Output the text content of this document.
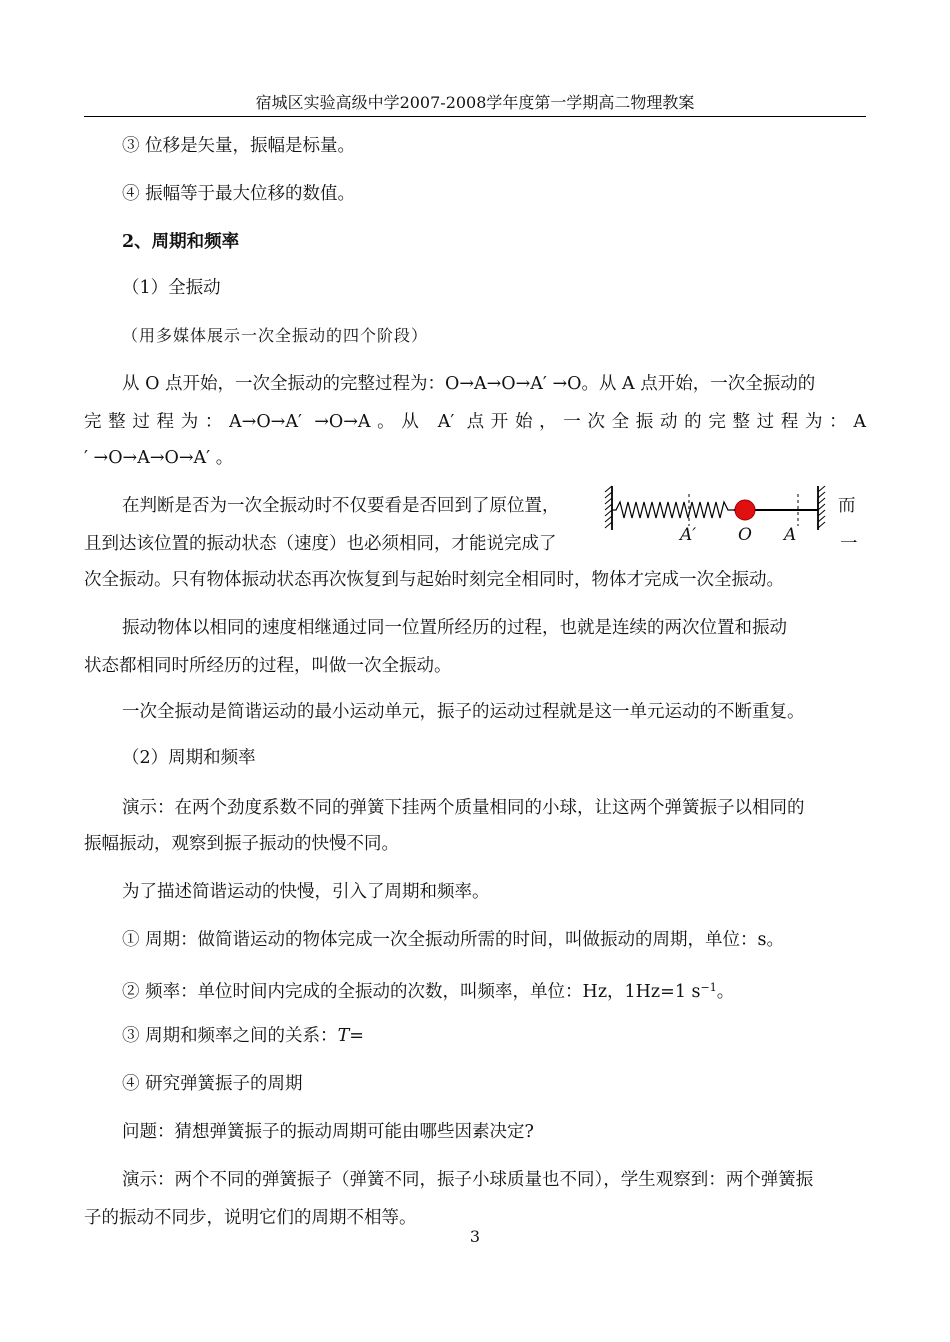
宿城区实验高级中学2007-2008学年度第一学期高二物理教案
③ 位移是矢量，振幅是标量。
④ 振幅等于最大位移的数值。
2、周期和频率
（1）全振动
（用多媒体展示一次全振动的四个阶段）
从 O 点开始，一次全振动的完整过程为：O→A→O→A′ →O。从 A 点开始，一次全振动的
完整过程为：A→O→A′ →O→A。从 A′ 点开始，一次全振动的完整过程为：A
′ →O→A→O→A′ 。
在判断是否为一次全振动时不仅要看是否回到了原位置，	而
且到达该位置的振动状态（速度）也必须相同，才能说完成了	一
次全振动。只有物体振动状态再次恢复到与起始时刻完全相同时，物体才完成一次全振动。
A′ O A
振动物体以相同的速度相继通过同一位置所经历的过程，也就是连续的两次位置和振动
状态都相同时所经历的过程，叫做一次全振动。
一次全振动是简谐运动的最小运动单元，振子的运动过程就是这一单元运动的不断重复。
（2）周期和频率
演示：在两个劲度系数不同的弹簧下挂两个质量相同的小球，让这两个弹簧振子以相同的
振幅振动，观察到振子振动的快慢不同。
为了描述简谐运动的快慢，引入了周期和频率。
① 周期：做简谐运动的物体完成一次全振动所需的时间，叫做振动的周期，单位：s。
② 频率：单位时间内完成的全振动的次数，叫频率，单位：Hz，1Hz=1 $s^{-1}$。
③ 周期和频率之间的关系：T=
④ 研究弹簧振子的周期
问题：猜想弹簧振子的振动周期可能由哪些因素决定?
演示：两个不同的弹簧振子（弹簧不同，振子小球质量也不同），学生观察到：两个弹簧振
子的振动不同步，说明它们的周期不相等。
3
